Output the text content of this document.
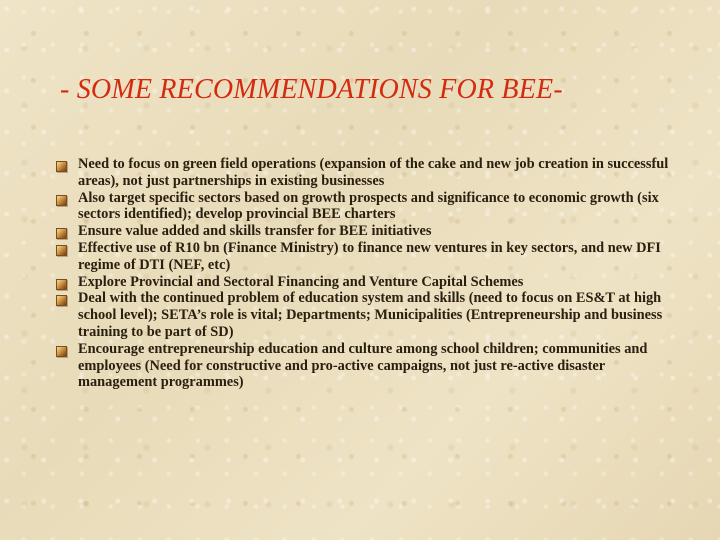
- SOME RECOMMENDATIONS FOR BEE-
Need to focus on green field operations (expansion of the cake and new job creation in successful areas), not just partnerships in existing businesses
Also target specific sectors based on growth prospects and significance to economic growth (six sectors identified); develop provincial BEE charters
Ensure value added and skills transfer for BEE initiatives
Effective use of R10 bn (Finance Ministry) to finance new ventures in key sectors, and new DFI regime of DTI (NEF, etc)
Explore Provincial and Sectoral Financing and Venture Capital Schemes
Deal with the continued problem of education system and skills (need to focus on ES&T at high school level); SETA’s role is vital; Departments; Municipalities (Entrepreneurship and business training to be part of SD)
Encourage entrepreneurship education and culture among school children; communities and employees (Need for constructive and pro-active campaigns, not just re-active disaster management programmes)
